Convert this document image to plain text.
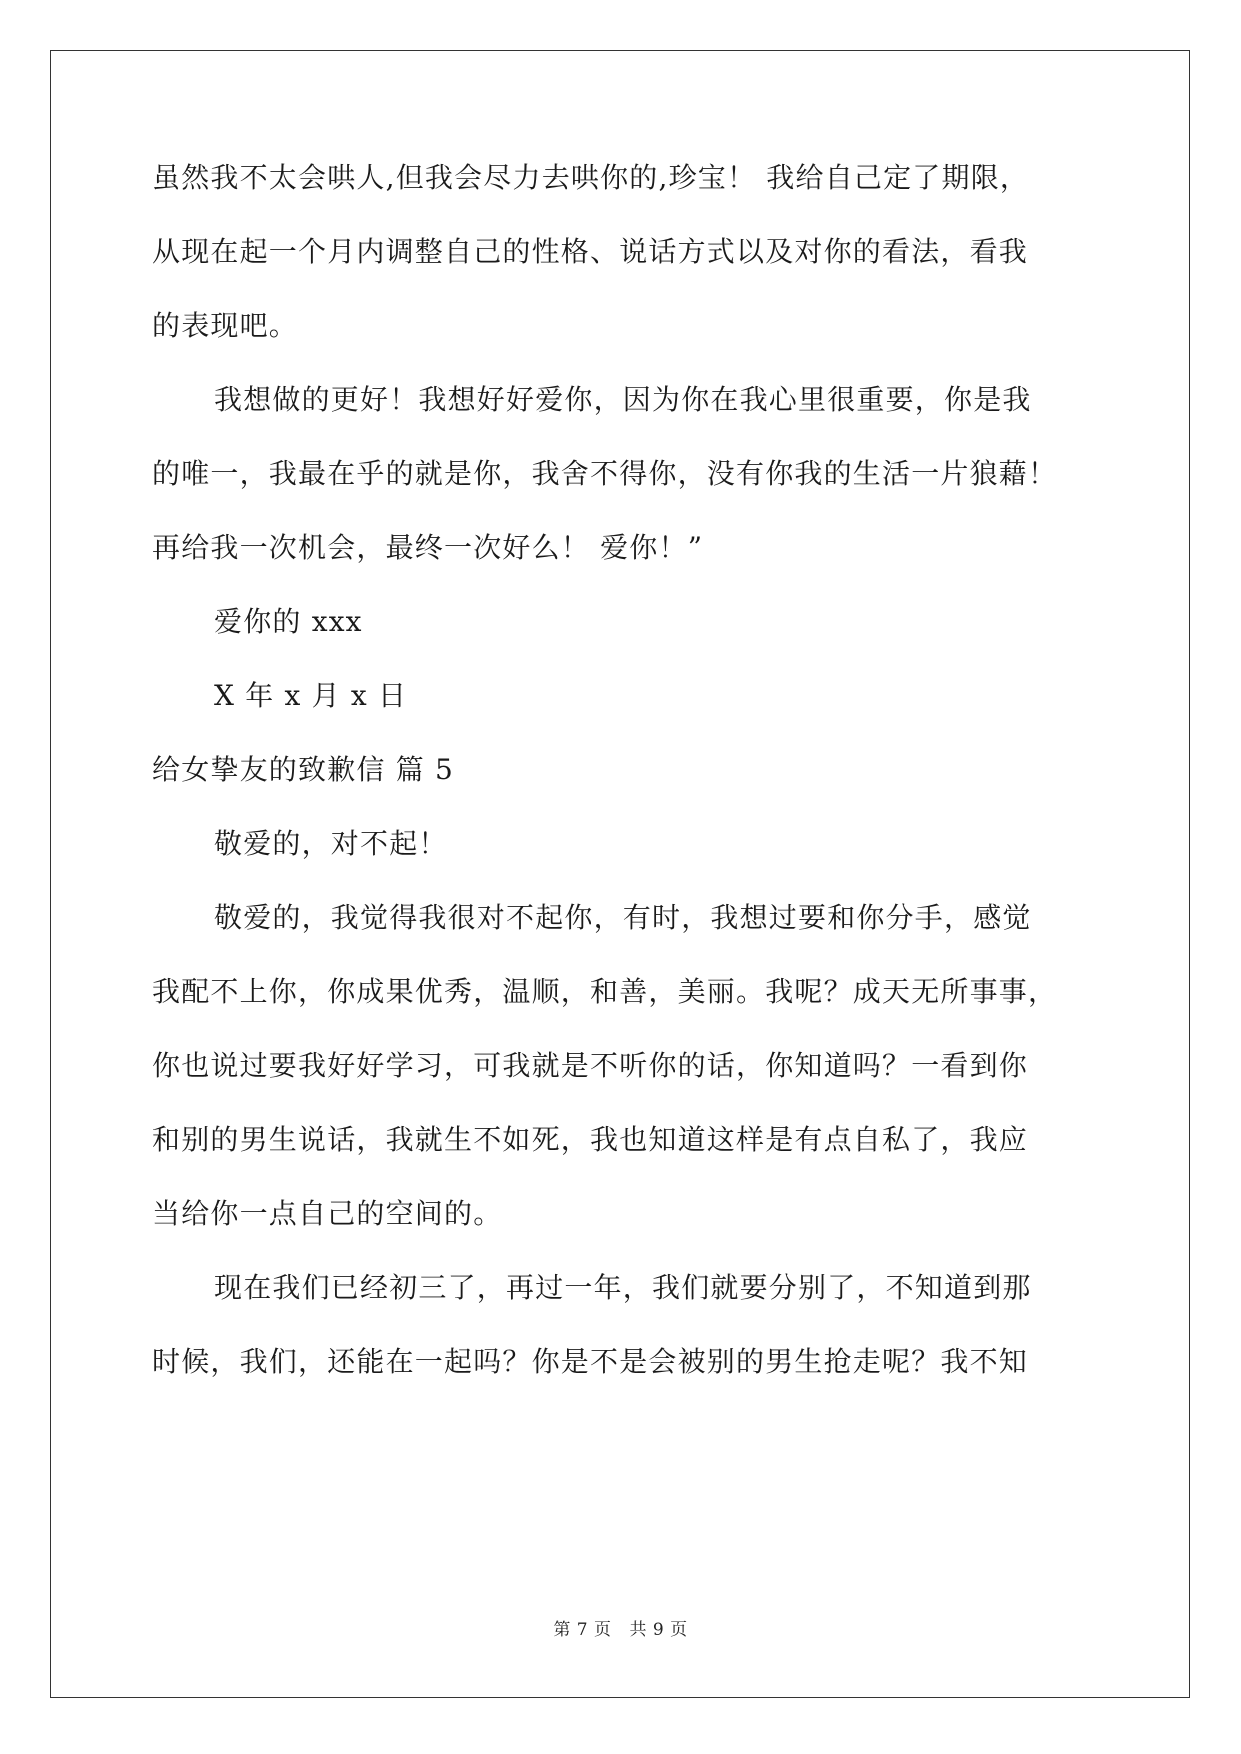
虽然我不太会哄人,但我会尽力去哄你的,珍宝！ 我给自己定了期限，
从现在起一个月内调整自己的性格、说话方式以及对你的看法，看我
的表现吧。
我想做的更好！我想好好爱你，因为你在我心里很重要，你是我
的唯一，我最在乎的就是你，我舍不得你，没有你我的生活一片狼藉！
再给我一次机会，最终一次好么！ 爱你！”
爱你的 xxx
X 年 x 月 x 日
给女挚友的致歉信 篇 5
敬爱的，对不起！
敬爱的，我觉得我很对不起你，有时，我想过要和你分手，感觉
我配不上你，你成果优秀，温顺，和善，美丽。我呢？成天无所事事，
你也说过要我好好学习，可我就是不听你的话，你知道吗？一看到你
和别的男生说话，我就生不如死，我也知道这样是有点自私了，我应
当给你一点自己的空间的。
现在我们已经初三了，再过一年，我们就要分别了，不知道到那
时候，我们，还能在一起吗？你是不是会被别的男生抢走呢？我不知
第 7 页 共 9 页
